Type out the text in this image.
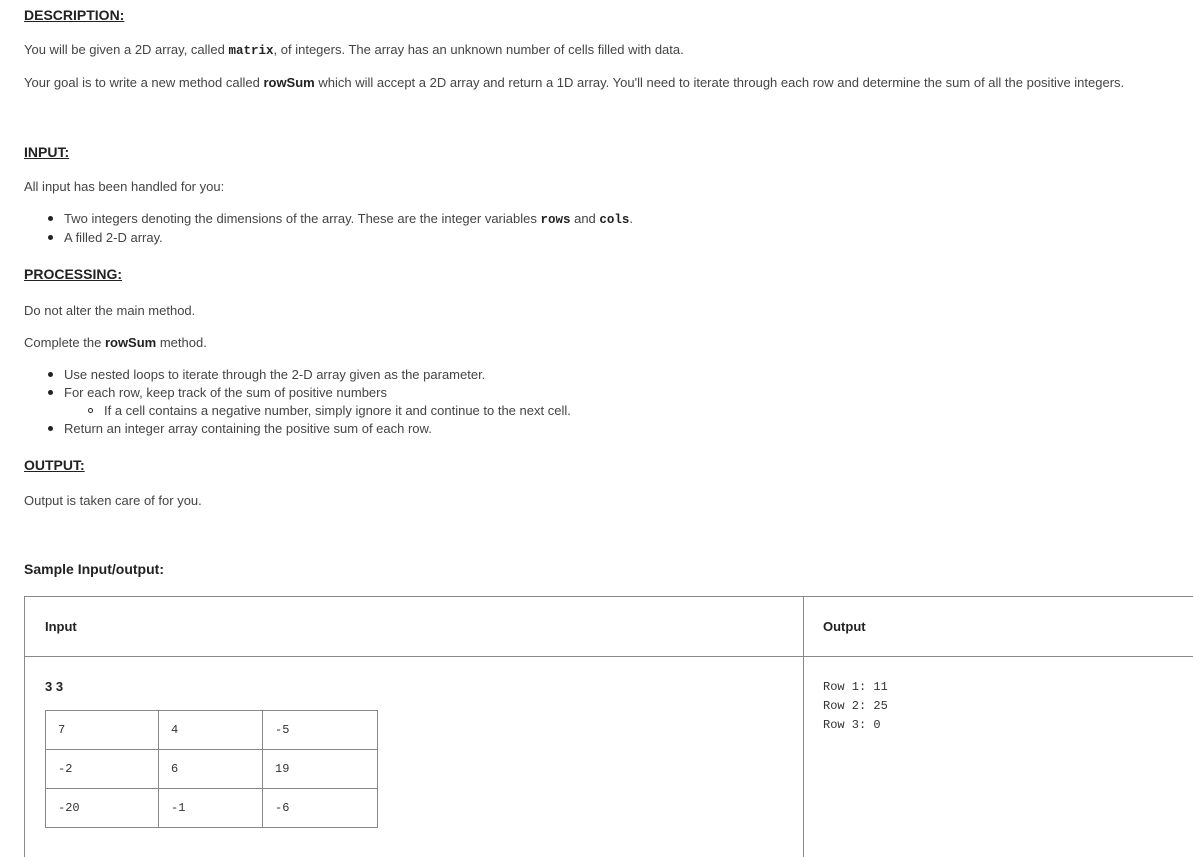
DESCRIPTION:
You will be given a 2D array, called matrix, of integers. The array has an unknown number of cells filled with data.
Your goal is to write a new method called rowSum which will accept a 2D array and return a 1D array. You'll need to iterate through each row and determine the sum of all the positive integers.
INPUT:
All input has been handled for you:
Two integers denoting the dimensions of the array. These are the integer variables rows and cols.
A filled 2-D array.
PROCESSING:
Do not alter the main method.
Complete the rowSum method.
Use nested loops to iterate through the 2-D array given as the parameter.
For each row, keep track of the sum of positive numbers
If a cell contains a negative number, simply ignore it and continue to the next cell.
Return an integer array containing the positive sum of each row.
OUTPUT:
Output is taken care of for you.
Sample Input/output:
Input	Output
3 3
7	4	-5
-2	6	19
-20	-1	-6
Row 1: 11
Row 2: 25
Row 3: 0
